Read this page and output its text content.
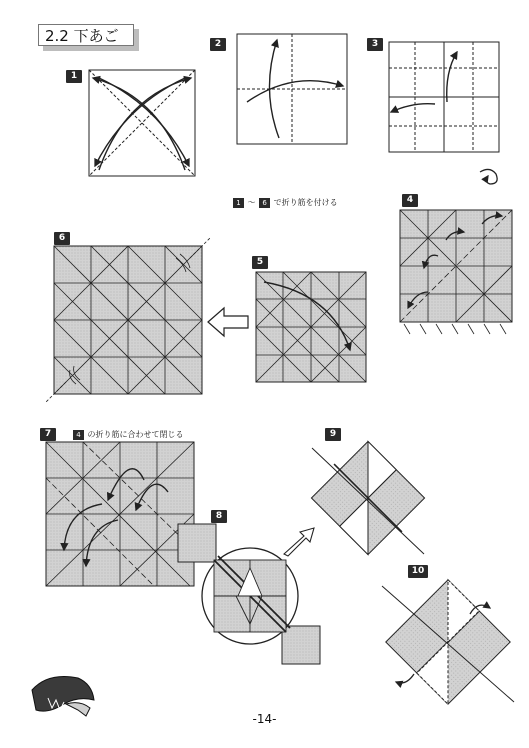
2.2 下あご
1
2	3
4
5
6
7
8
9
10
1 ～ 6 で折り筋を付ける
4 の折り筋に合わせて閉じる
-14-
